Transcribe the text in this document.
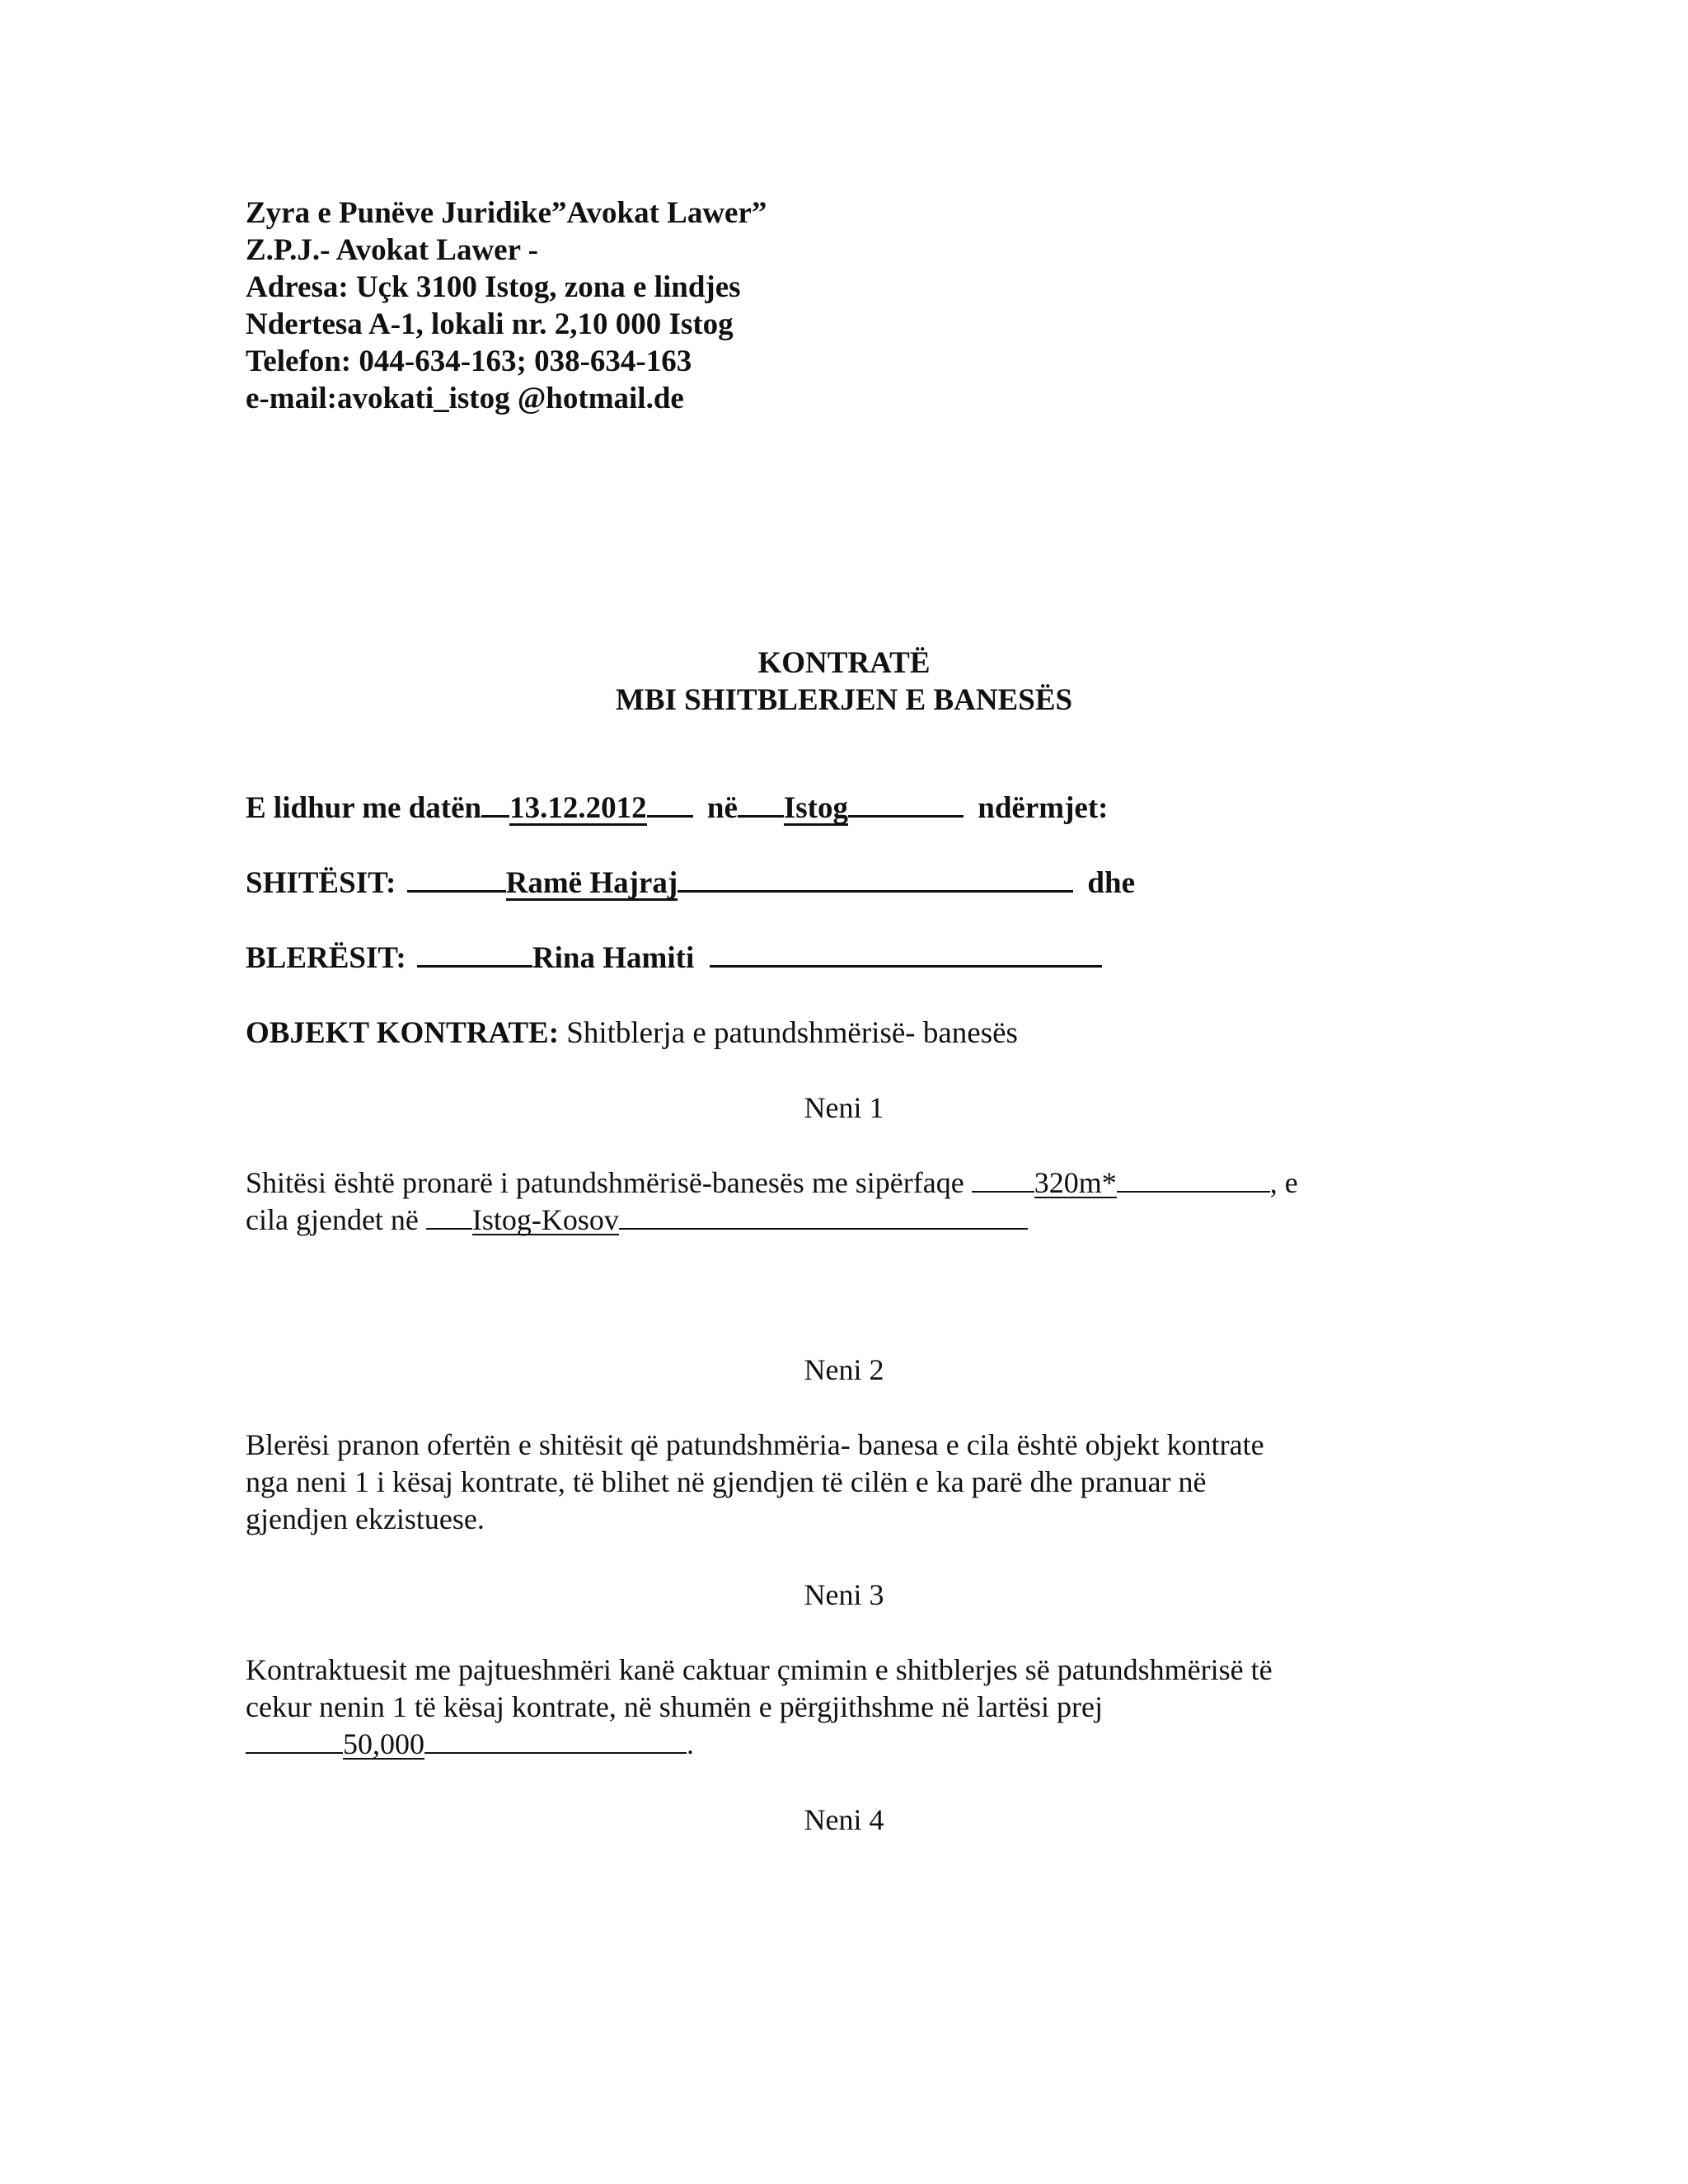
Zyra e Punëve Juridike”Avokat Lawer”
Z.P.J.- Avokat Lawer -
Adresa: Uçk 3100 Istog, zona e lindjes
Ndertesa A-1, lokali nr. 2,10 000 Istog
Telefon: 044-634-163; 038-634-163
e-mail:avokati_istog @hotmail.de
KONTRATË
MBI SHITBLERJEN E BANESËS
E lidhur me datën 13.12.2012 në Istog	ndërmjet:
SHITËSIT:	Ramë Hajraj	dhe
BLERËSIT:	Rina Hamiti
OBJEKT KONTRATE: Shitblerja e patundshmërisë- banesës
Neni 1
Shitësi është pronarë i patundshmërisë-banesës me sipërfaqe 320m*	, e
cila gjendet në Istog-Kosov
Neni 2
Blerësi pranon ofertën e shitësit që patundshmëria- banesa e cila është objekt kontrate
nga neni 1 i kësaj kontrate, të blihet në gjendjen të cilën e ka parë dhe pranuar në
gjendjen ekzistuese.
Neni 3
Kontraktuesit me pajtueshmëri kanë caktuar çmimin e shitblerjes së patundshmërisë të
cekur nenin 1 të kësaj kontrate, në shumën e përgjithshme në lartësi prej
50,000	.
Neni 4
